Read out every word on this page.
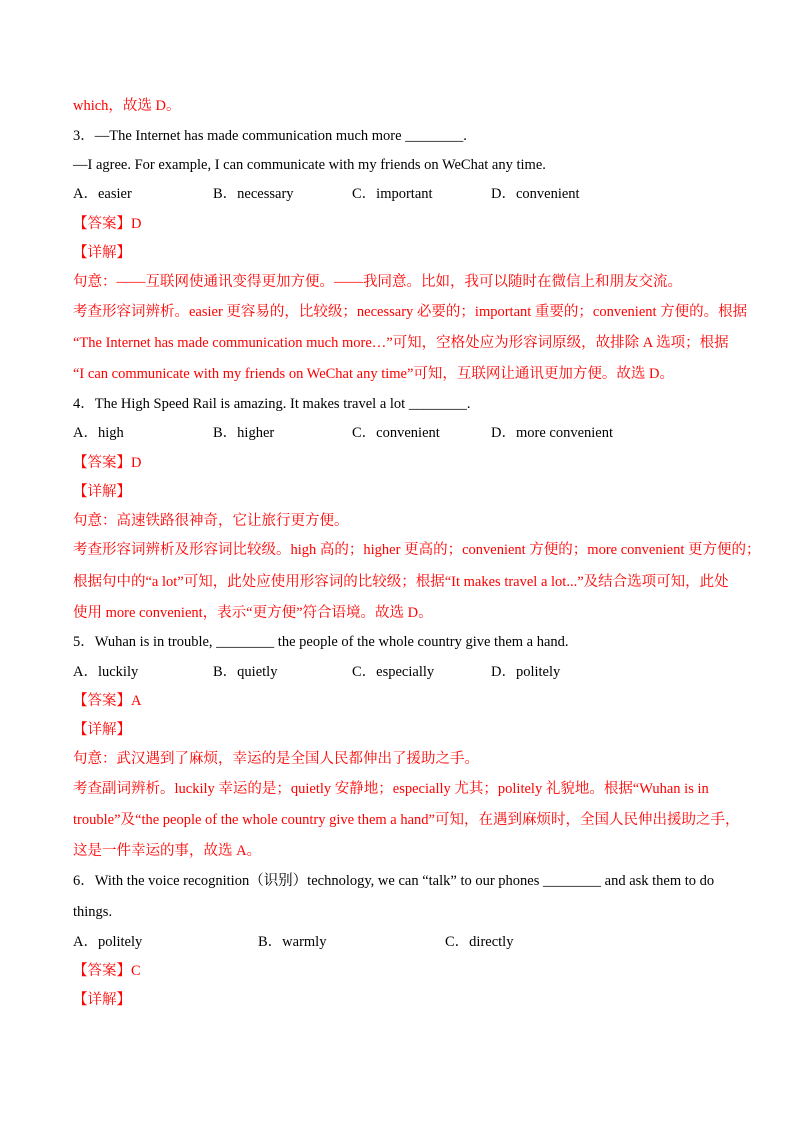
which，故选 D。
3．—The Internet has made communication much more ________.
—I agree. For example, I can communicate with my friends on WeChat any time.
A．easier	B．necessary	C．important	D．convenient
【答案】D
【详解】
句意：——互联网使通讯变得更加方便。——我同意。比如，我可以随时在微信上和朋友交流。
考查形容词辨析。easier 更容易的，比较级；necessary 必要的；important 重要的；convenient 方便的。根据
“The Internet has made communication much more…”可知，空格处应为形容词原级，故排除 A 选项；根据
“I can communicate with my friends on WeChat any time”可知，互联网让通讯更加方便。故选 D。
4．The High Speed Rail is amazing. It makes travel a lot ________.
A．high	B．higher	C．convenient	D．more convenient
【答案】D
【详解】
句意：高速铁路很神奇，它让旅行更方便。
考查形容词辨析及形容词比较级。high 高的；higher 更高的；convenient 方便的；more convenient 更方便的；
根据句中的“a lot”可知，此处应使用形容词的比较级；根据“It makes travel a lot...”及结合选项可知，此处
使用 more convenient，表示“更方便”符合语境。故选 D。
5．Wuhan is in trouble, ________ the people of the whole country give them a hand.
A．luckily	B．quietly	C．especially	D．politely
【答案】A
【详解】
句意：武汉遇到了麻烦，幸运的是全国人民都伸出了援助之手。
考查副词辨析。luckily 幸运的是；quietly 安静地；especially 尤其；politely 礼貌地。根据“Wuhan is in
trouble”及“the people of the whole country give them a hand”可知，在遇到麻烦时，全国人民伸出援助之手，
这是一件幸运的事，故选 A。
6．With the voice recognition（识别）technology, we can “talk” to our phones ________ and ask them to do
things.
A．politely	B．warmly	C．directly
【答案】C
【详解】
